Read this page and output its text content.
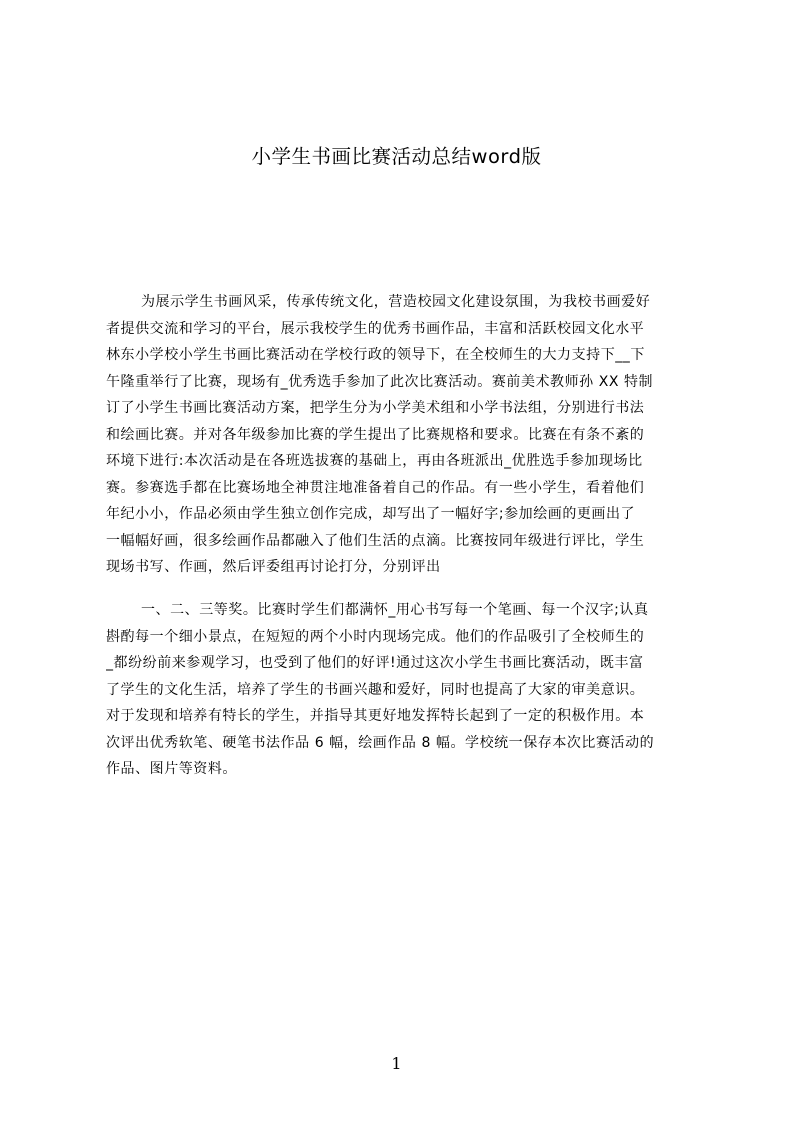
小学生书画比赛活动总结word版
为展示学生书画风采，传承传统文化，营造校园文化建设氛围，为我校书画爱好
者提供交流和学习的平台，展示我校学生的优秀书画作品，丰富和活跃校园文化水平
林东小学校小学生书画比赛活动在学校行政的领导下，在全校师生的大力支持下__下
午隆重举行了比赛，现场有_优秀选手参加了此次比赛活动。赛前美术教师孙 XX 特制
订了小学生书画比赛活动方案，把学生分为小学美术组和小学书法组，分别进行书法
和绘画比赛。并对各年级参加比赛的学生提出了比赛规格和要求。比赛在有条不紊的
环境下进行:本次活动是在各班选拔赛的基础上，再由各班派出_优胜选手参加现场比
赛。参赛选手都在比赛场地全神贯注地准备着自己的作品。有一些小学生，看着他们
年纪小小，作品必须由学生独立创作完成，却写出了一幅好字;参加绘画的更画出了
一幅幅好画，很多绘画作品都融入了他们生活的点滴。比赛按同年级进行评比，学生
现场书写、作画，然后评委组再讨论打分，分别评出
一、二、三等奖。比赛时学生们都满怀_用心书写每一个笔画、每一个汉字;认真
斟酌每一个细小景点，在短短的两个小时内现场完成。他们的作品吸引了全校师生的
_都纷纷前来参观学习，也受到了他们的好评!通过这次小学生书画比赛活动，既丰富
了学生的文化生活，培养了学生的书画兴趣和爱好，同时也提高了大家的审美意识。
对于发现和培养有特长的学生，并指导其更好地发挥特长起到了一定的积极作用。本
次评出优秀软笔、硬笔书法作品 6 幅，绘画作品 8 幅。学校统一保存本次比赛活动的
作品、图片等资料。
1
